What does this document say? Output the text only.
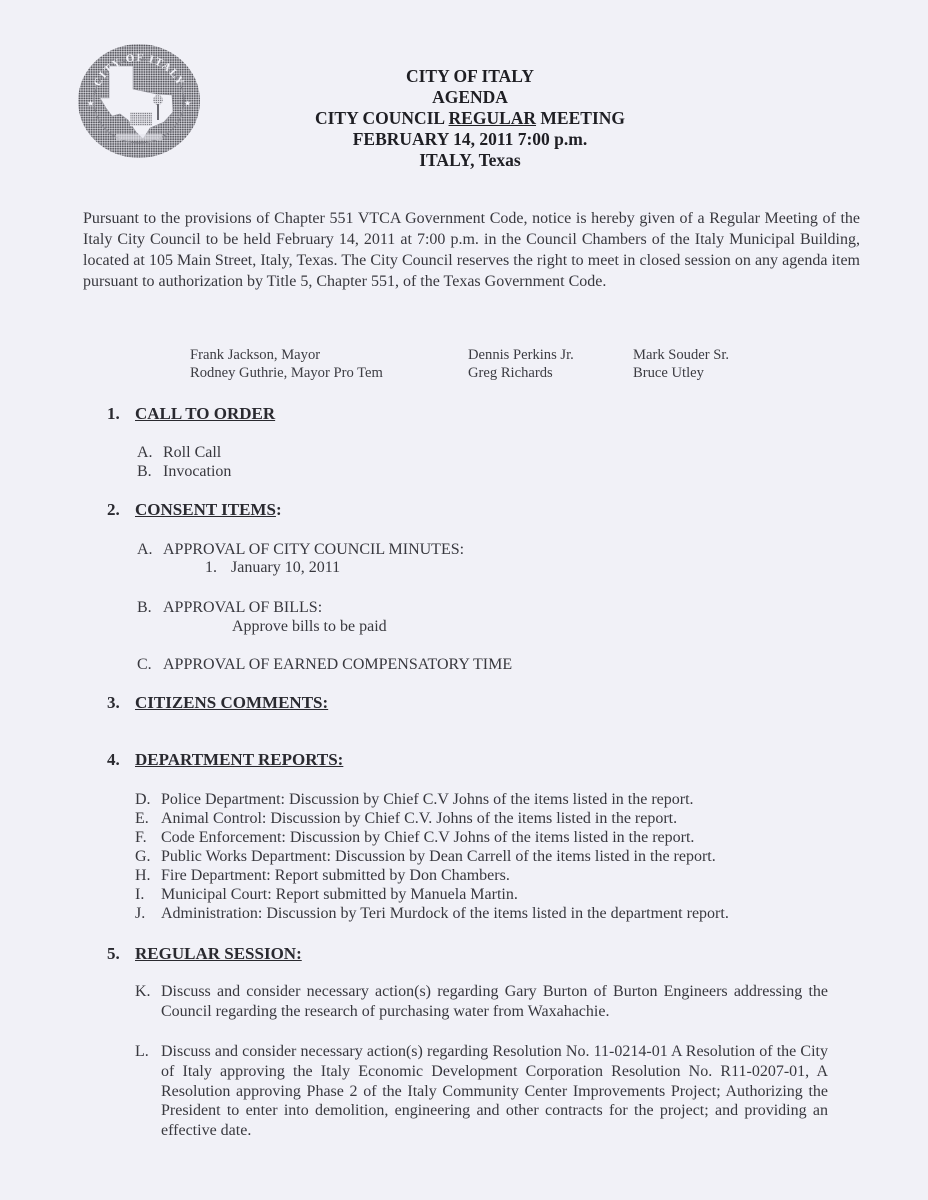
CITY OF ITALY
★	★
CITY OF ITALY
AGENDA
CITY COUNCIL REGULAR MEETING
FEBRUARY 14, 2011 7:00 p.m.
ITALY, Texas
Pursuant to the provisions of Chapter 551 VTCA Government Code, notice is hereby given of a Regular Meeting of the Italy City Council to be held February 14, 2011 at 7:00 p.m. in the Council Chambers of the Italy Municipal Building, located at 105 Main Street, Italy, Texas. The City Council reserves the right to meet in closed session on any agenda item pursuant to authorization by Title 5, Chapter 551, of the Texas Government Code.
Frank Jackson, Mayor
Rodney Guthrie, Mayor Pro Tem
Dennis Perkins Jr.
Greg Richards
Mark Souder Sr.
Bruce Utley
1. CALL TO ORDER
A. Roll Call
B. Invocation
2. CONSENT ITEMS:
A. APPROVAL OF CITY COUNCIL MINUTES:
1. January 10, 2011
B. APPROVAL OF BILLS:
Approve bills to be paid
C. APPROVAL OF EARNED COMPENSATORY TIME
3. CITIZENS COMMENTS:
4. DEPARTMENT REPORTS:
D. Police Department: Discussion by Chief C.V Johns of the items listed in the report.
E. Animal Control: Discussion by Chief C.V. Johns of the items listed in the report.
F. Code Enforcement: Discussion by Chief C.V Johns of the items listed in the report.
G. Public Works Department: Discussion by Dean Carrell of the items listed in the report.
H. Fire Department: Report submitted by Don Chambers.
I. Municipal Court: Report submitted by Manuela Martin.
J. Administration: Discussion by Teri Murdock of the items listed in the department report.
5. REGULAR SESSION:
K. Discuss and consider necessary action(s) regarding Gary Burton of Burton Engineers addressing the Council regarding the research of purchasing water from Waxahachie.
L. Discuss and consider necessary action(s) regarding Resolution No. 11-0214-01 A Resolution of the City of Italy approving the Italy Economic Development Corporation Resolution No. R11-0207-01, A Resolution approving Phase 2 of the Italy Community Center Improvements Project; Authorizing the President to enter into demolition, engineering and other contracts for the project; and providing an effective date.
